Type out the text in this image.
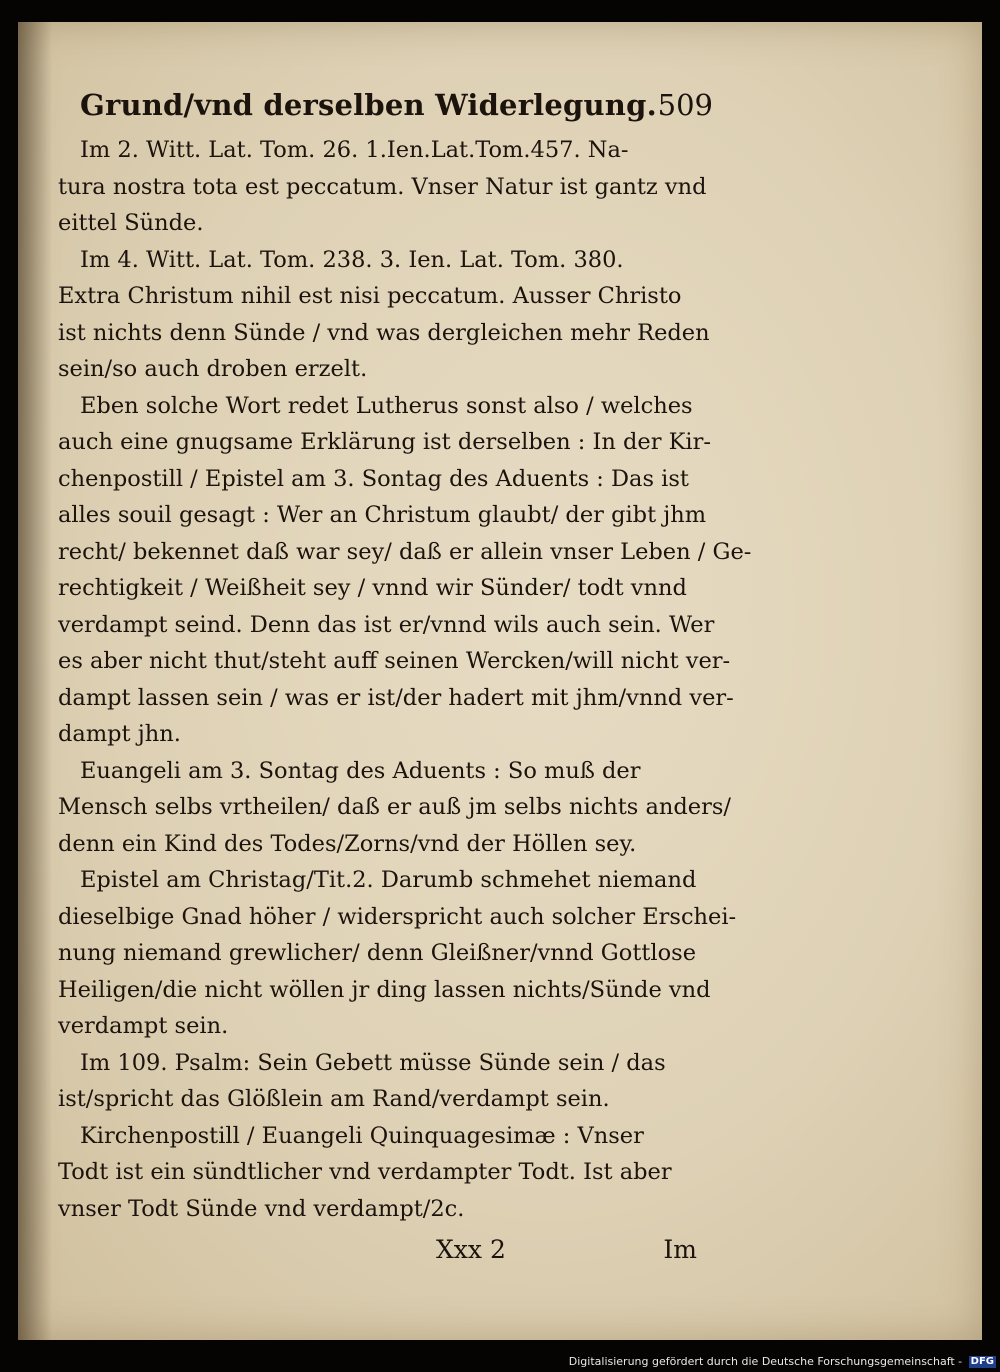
Grund/vnd derselben Widerlegung. 509
Im 2. Witt. Lat. Tom. 26. 1.Ien.Lat.Tom.457. Na-
tura nostra tota est peccatum. Vnser Natur ist gantz vnd
eittel Sünde.
Im 4. Witt. Lat. Tom. 238. 3. Ien. Lat. Tom. 380.
Extra Christum nihil est nisi peccatum. Ausser Christo
ist nichts denn Sünde / vnd was dergleichen mehr Reden
sein/so auch droben erzelt.
Eben solche Wort redet Lutherus sonst also / welches
auch eine gnugsame Erklärung ist derselben : In der Kir-
chenpostill / Epistel am 3. Sontag des Aduents : Das ist
alles souil gesagt : Wer an Christum glaubt/ der gibt jhm
recht/ bekennet daß war sey/ daß er allein vnser Leben / Ge-
rechtigkeit / Weißheit sey / vnnd wir Sünder/ todt vnnd
verdampt seind. Denn das ist er/vnnd wils auch sein. Wer
es aber nicht thut/steht auff seinen Wercken/will nicht ver-
dampt lassen sein / was er ist/der hadert mit jhm/vnnd ver-
dampt jhn.
Euangeli am 3. Sontag des Aduents : So muß der
Mensch selbs vrtheilen/ daß er auß jm selbs nichts anders/
denn ein Kind des Todes/Zorns/vnd der Höllen sey.
Epistel am Christag/Tit.2. Darumb schmehet niemand
dieselbige Gnad höher / widerspricht auch solcher Erschei-
nung niemand grewlicher/ denn Gleißner/vnnd Gottlose
Heiligen/die nicht wöllen jr ding lassen nichts/Sünde vnd
verdampt sein.
Im 109. Psalm: Sein Gebett müsse Sünde sein / das
ist/spricht das Glößlein am Rand/verdampt sein.
Kirchenpostill / Euangeli Quinquagesimæ : Vnser
Todt ist ein sündtlicher vnd verdampter Todt. Ist aber
vnser Todt Sünde vnd verdampt/2c.
Xxx 2	Im
Digitalisierung gefördert durch die Deutsche Forschungsgemeinschaft - DFG
